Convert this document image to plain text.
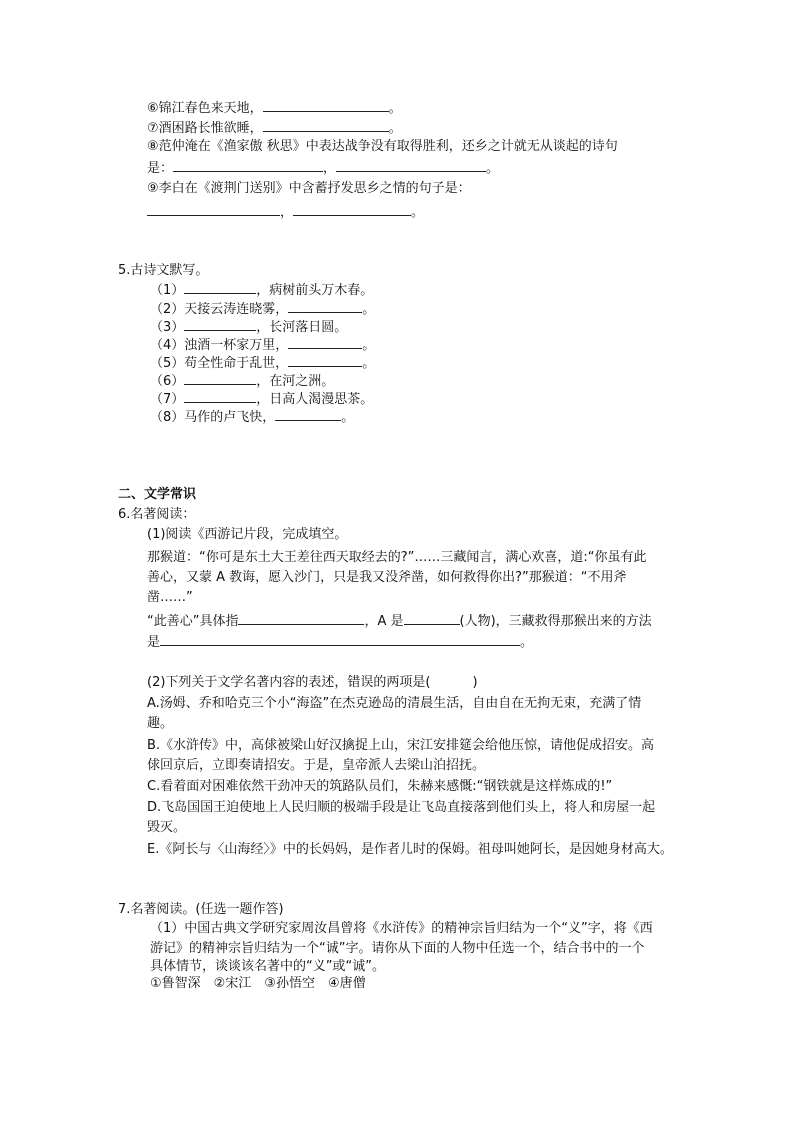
⑥锦江春色来天地，	。
⑦酒困路长惟欲睡，	。
⑧范仲淹在《渔家傲 秋思》中表达战争没有取得胜利，还乡之计就无从谈起的诗句
是：	，	。
⑨李白在《渡荆门送别》中含蓄抒发思乡之情的句子是：
，	。
5.古诗文默写。
（1）	，病树前头万木春。
（2）天接云涛连晓雾，	。
（3）	，长河落日圆。
（4）浊酒一杯家万里，	。
（5）苟全性命于乱世，	。
（6）	，在河之洲。
（7）	，日高人渴漫思茶。
（8）马作的卢飞快，	。
二、文学常识
6.名著阅读：
(1)阅读《西游记片段，完成填空。
那猴道：“你可是东土大王差往西天取经去的?”……三藏闻言，满心欢喜，道:“你虽有此
善心，又蒙 A 教诲，愿入沙门，只是我又没斧凿，如何救得你出?”那猴道：“不用斧
凿……”
“此善心”具体指	，A 是	(人物)，三藏救得那猴出来的方法
是	。
(2)下列关于文学名著内容的表述，错误的两项是(	)
A.汤姆、乔和哈克三个小“海盗”在杰克逊岛的清晨生活，自由自在无拘无束，充满了情
趣。
B.《水浒传》中，高俅被梁山好汉擒捉上山，宋江安排筵会给他压惊，请他促成招安。高
俅回京后，立即奏请招安。于是，皇帝派人去梁山泊招抚。
C.看着面对困难依然干劲冲天的筑路队员们，朱赫来感慨:“钢铁就是这样炼成的!”
D.飞岛国国王迫使地上人民归顺的极端手段是让飞岛直接落到他们头上，将人和房屋一起
毁灭。
E.《阿长与〈山海经〉》中的长妈妈，是作者儿时的保姆。祖母叫她阿长，是因她身材高大。
7.名著阅读。(任选一题作答)
（1）中国古典文学研究家周汝昌曾将《水浒传》的精神宗旨归结为一个“义”字，将《西
游记》的精神宗旨归结为一个“诚”字。请你从下面的人物中任选一个，结合书中的一个
具体情节，谈谈该名著中的“义”或“诚”。
①鲁智深　②宋江　③孙悟空　④唐僧
